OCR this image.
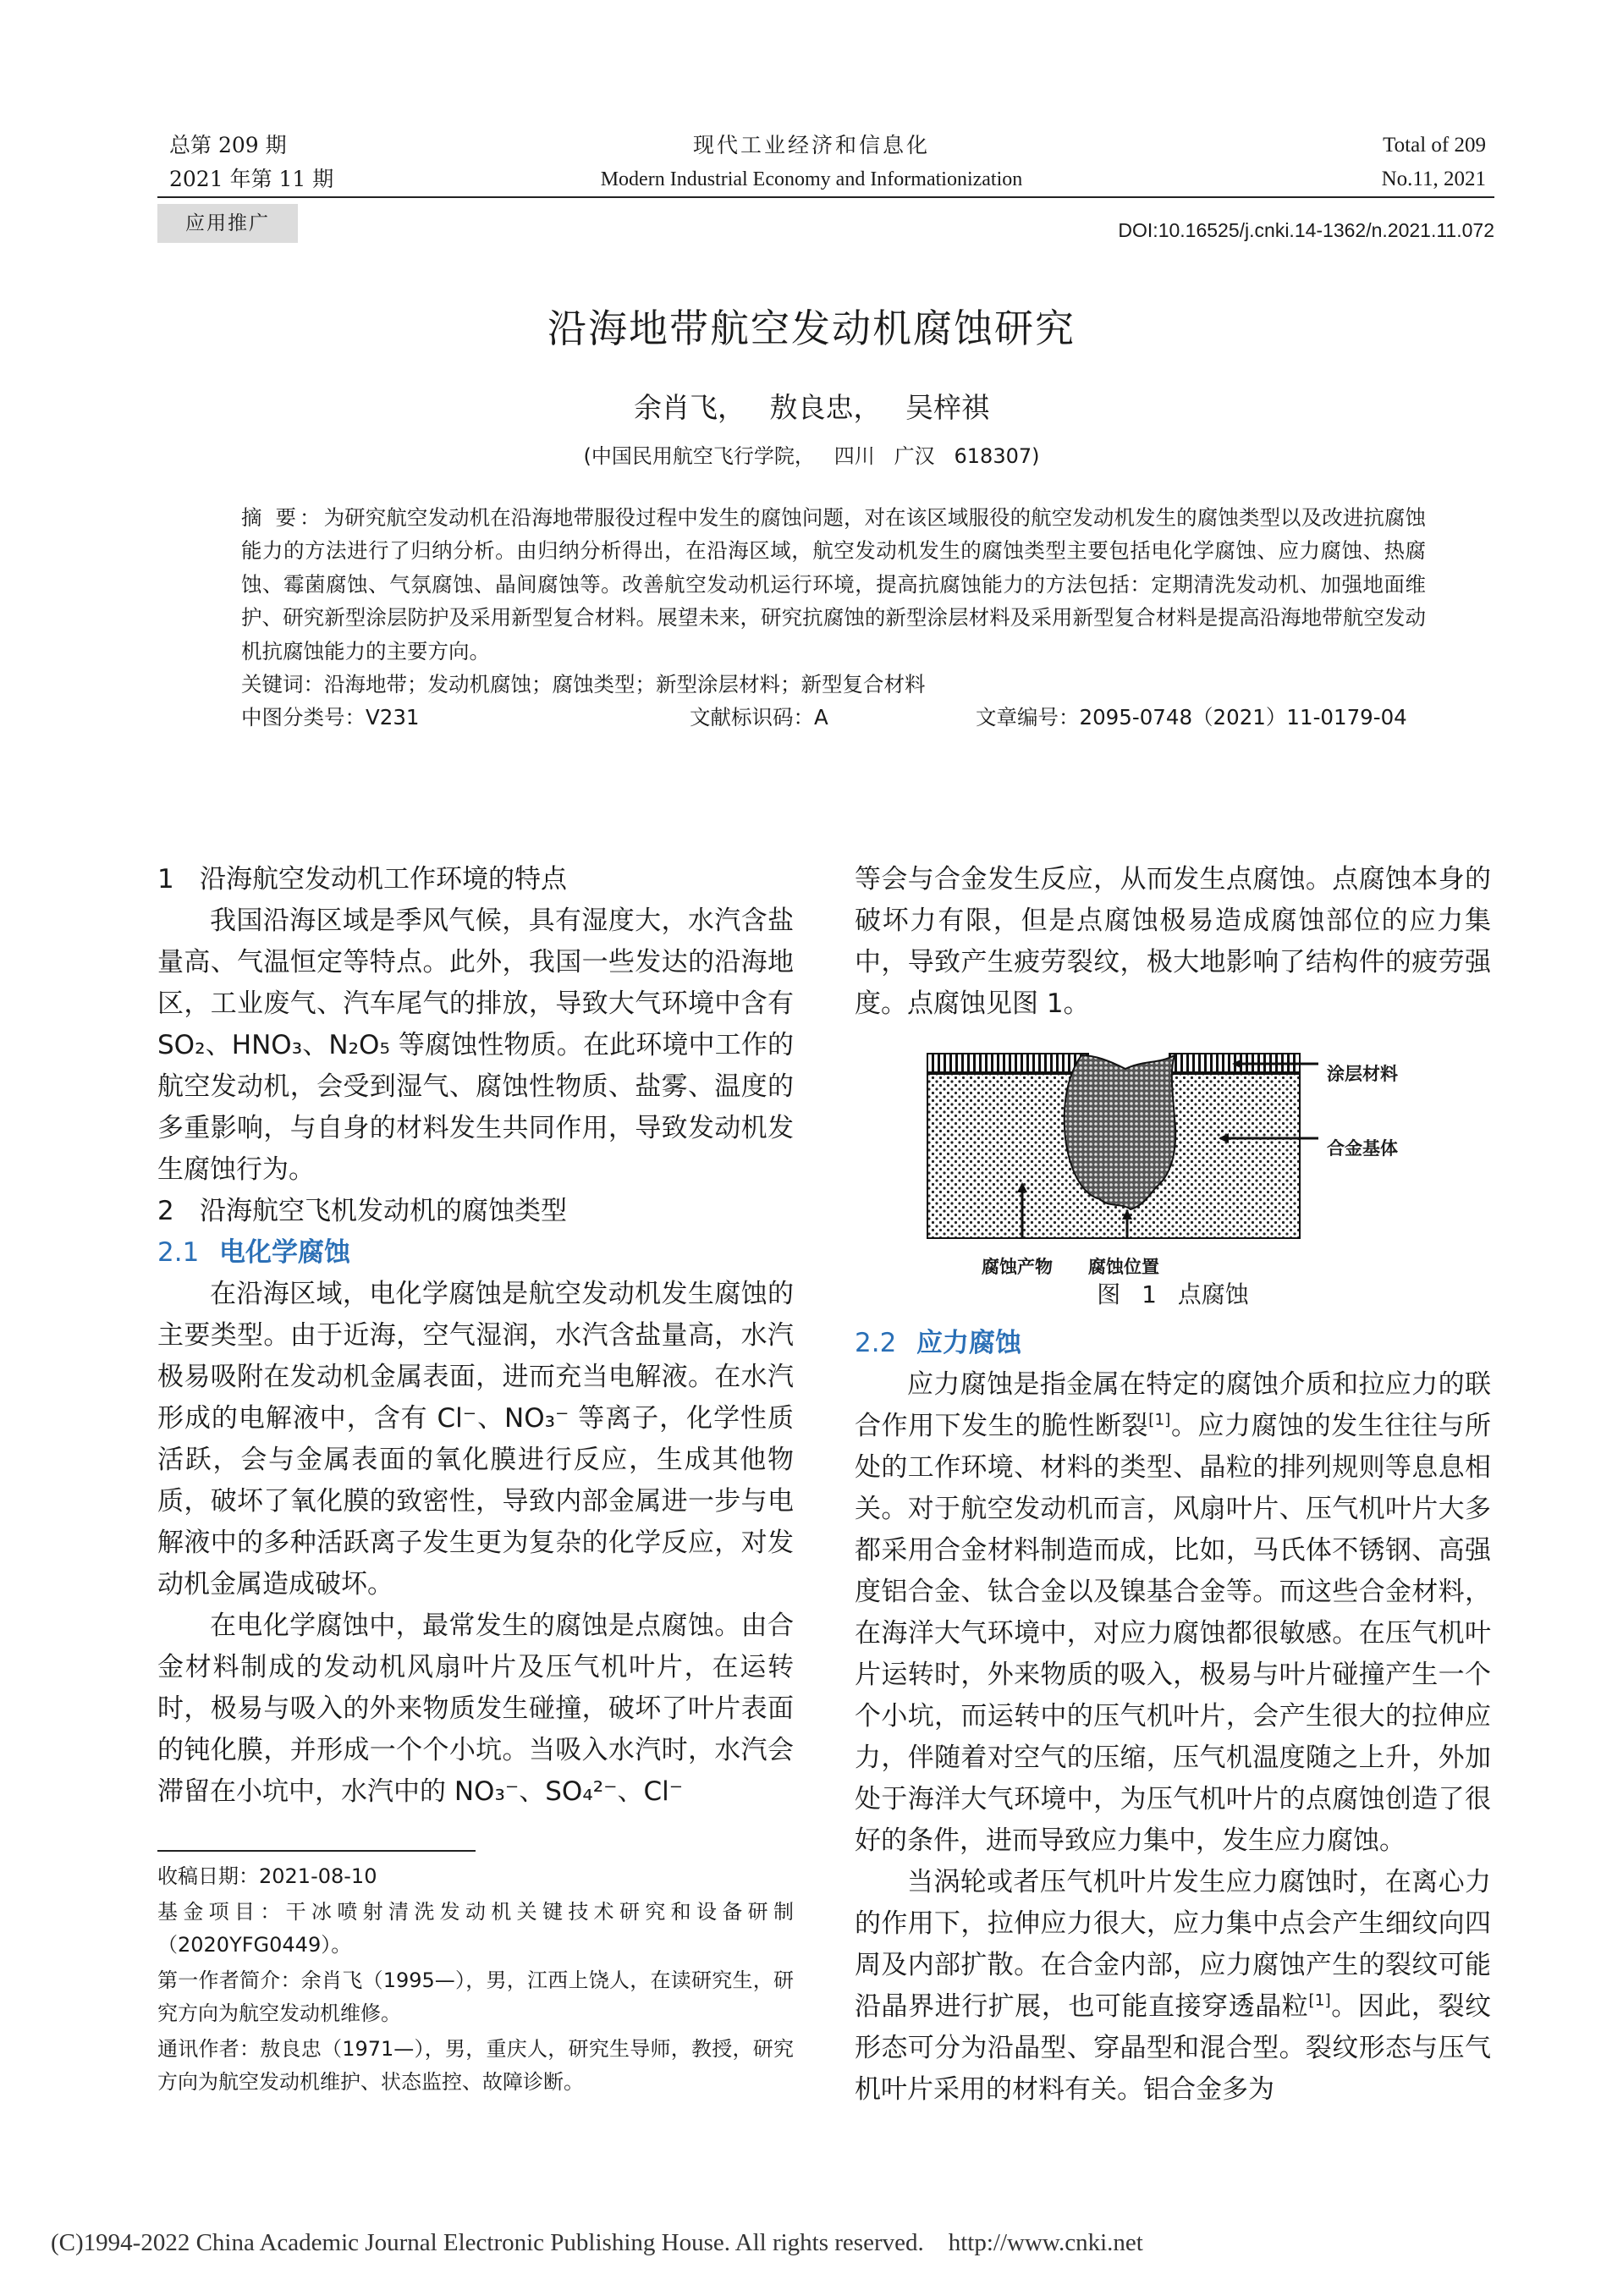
总第 209 期
2021 年第 11 期
现代工业经济和信息化
Modern Industrial Economy and Informationization
Total of 209
No.11, 2021
应用推广	DOI:10.16525/j.cnki.14-1362/n.2021.11.072
沿海地带航空发动机腐蚀研究
余肖飞， 敖良忠， 吴梓祺
(中国民用航空飞行学院，   四川   广汉   618307)
摘 要：为研究航空发动机在沿海地带服役过程中发生的腐蚀问题，对在该区域服役的航空发动机发生的腐蚀类型以及改进抗腐蚀能力的方法进行了归纳分析。由归纳分析得出，在沿海区域，航空发动机发生的腐蚀类型主要包括电化学腐蚀、应力腐蚀、热腐蚀、霉菌腐蚀、气氛腐蚀、晶间腐蚀等。改善航空发动机运行环境，提高抗腐蚀能力的方法包括：定期清洗发动机、加强地面维护、研究新型涂层防护及采用新型复合材料。展望未来，研究抗腐蚀的新型涂层材料及采用新型复合材料是提高沿海地带航空发动机抗腐蚀能力的主要方向。
关键词：沿海地带；发动机腐蚀；腐蚀类型；新型涂层材料；新型复合材料
中图分类号：V231	文献标识码：A	文章编号：2095-0748（2021）11-0179-04
1 沿海航空发动机工作环境的特点

我国沿海区域是季风气候，具有湿度大，水汽含盐量高、气温恒定等特点。此外，我国一些发达的沿海地区，工业废气、汽车尾气的排放，导致大气环境中含有 SO₂、HNO₃、N₂O₅ 等腐蚀性物质。在此环境中工作的航空发动机，会受到湿气、腐蚀性物质、盐雾、温度的多重影响，与自身的材料发生共同作用，导致发动机发生腐蚀行为。

2 沿海航空飞机发动机的腐蚀类型
2.1 电化学腐蚀

在沿海区域，电化学腐蚀是航空发动机发生腐蚀的主要类型。由于近海，空气湿润，水汽含盐量高，水汽极易吸附在发动机金属表面，进而充当电解液。在水汽形成的电解液中，含有 Cl⁻、NO₃⁻ 等离子，化学性质活跃，会与金属表面的氧化膜进行反应，生成其他物质，破坏了氧化膜的致密性，导致内部金属进一步与电解液中的多种活跃离子发生更为复杂的化学反应，对发动机金属造成破坏。

在电化学腐蚀中，最常发生的腐蚀是点腐蚀。由合金材料制成的发动机风扇叶片及压气机叶片，在运转时，极易与吸入的外来物质发生碰撞，破坏了叶片表面的钝化膜，并形成一个个小坑。当吸入水汽时，水汽会滞留在小坑中，水汽中的 NO₃⁻、SO₄²⁻、Cl⁻

等会与合金发生反应，从而发生点腐蚀。点腐蚀本身的破坏力有限，但是点腐蚀极易造成腐蚀部位的应力集中，导致产生疲劳裂纹，极大地影响了结构件的疲劳强度。点腐蚀见图 1。

涂层材料
合金基体
腐蚀产物 腐蚀位置
图 1 点腐蚀
2.2 应力腐蚀

应力腐蚀是指金属在特定的腐蚀介质和拉应力的联合作用下发生的脆性断裂[1]。应力腐蚀的发生往往与所处的工作环境、材料的类型、晶粒的排列规则等息息相关。对于航空发动机而言，风扇叶片、压气机叶片大多都采用合金材料制造而成，比如，马氏体不锈钢、高强度铝合金、钛合金以及镍基合金等。而这些合金材料，在海洋大气环境中，对应力腐蚀都很敏感。在压气机叶片运转时，外来物质的吸入，极易与叶片碰撞产生一个个小坑，而运转中的压气机叶片，会产生很大的拉伸应力，伴随着对空气的压缩，压气机温度随之上升，外加处于海洋大气环境中，为压气机叶片的点腐蚀创造了很好的条件，进而导致应力集中，发生应力腐蚀。

当涡轮或者压气机叶片发生应力腐蚀时，在离心力的作用下，拉伸应力很大，应力集中点会产生细纹向四周及内部扩散。在合金内部，应力腐蚀产生的裂纹可能沿晶界进行扩展，也可能直接穿透晶粒[1]。因此，裂纹形态可分为沿晶型、穿晶型和混合型。裂纹形态与压气机叶片采用的材料有关。铝合金多为

收稿日期：2021-08-10
基金项目：干冰喷射清洗发动机关键技术研究和设备研制（2020YFG0449）。
第一作者简介：余肖飞（1995—），男，江西上饶人，在读研究生，研究方向为航空发动机维修。
通讯作者：敖良忠（1971—），男，重庆人，研究生导师，教授，研究方向为航空发动机维护、状态监控、故障诊断。
(C)1994-2022 China Academic Journal Electronic Publishing House. All rights reserved.    http://www.cnki.net
